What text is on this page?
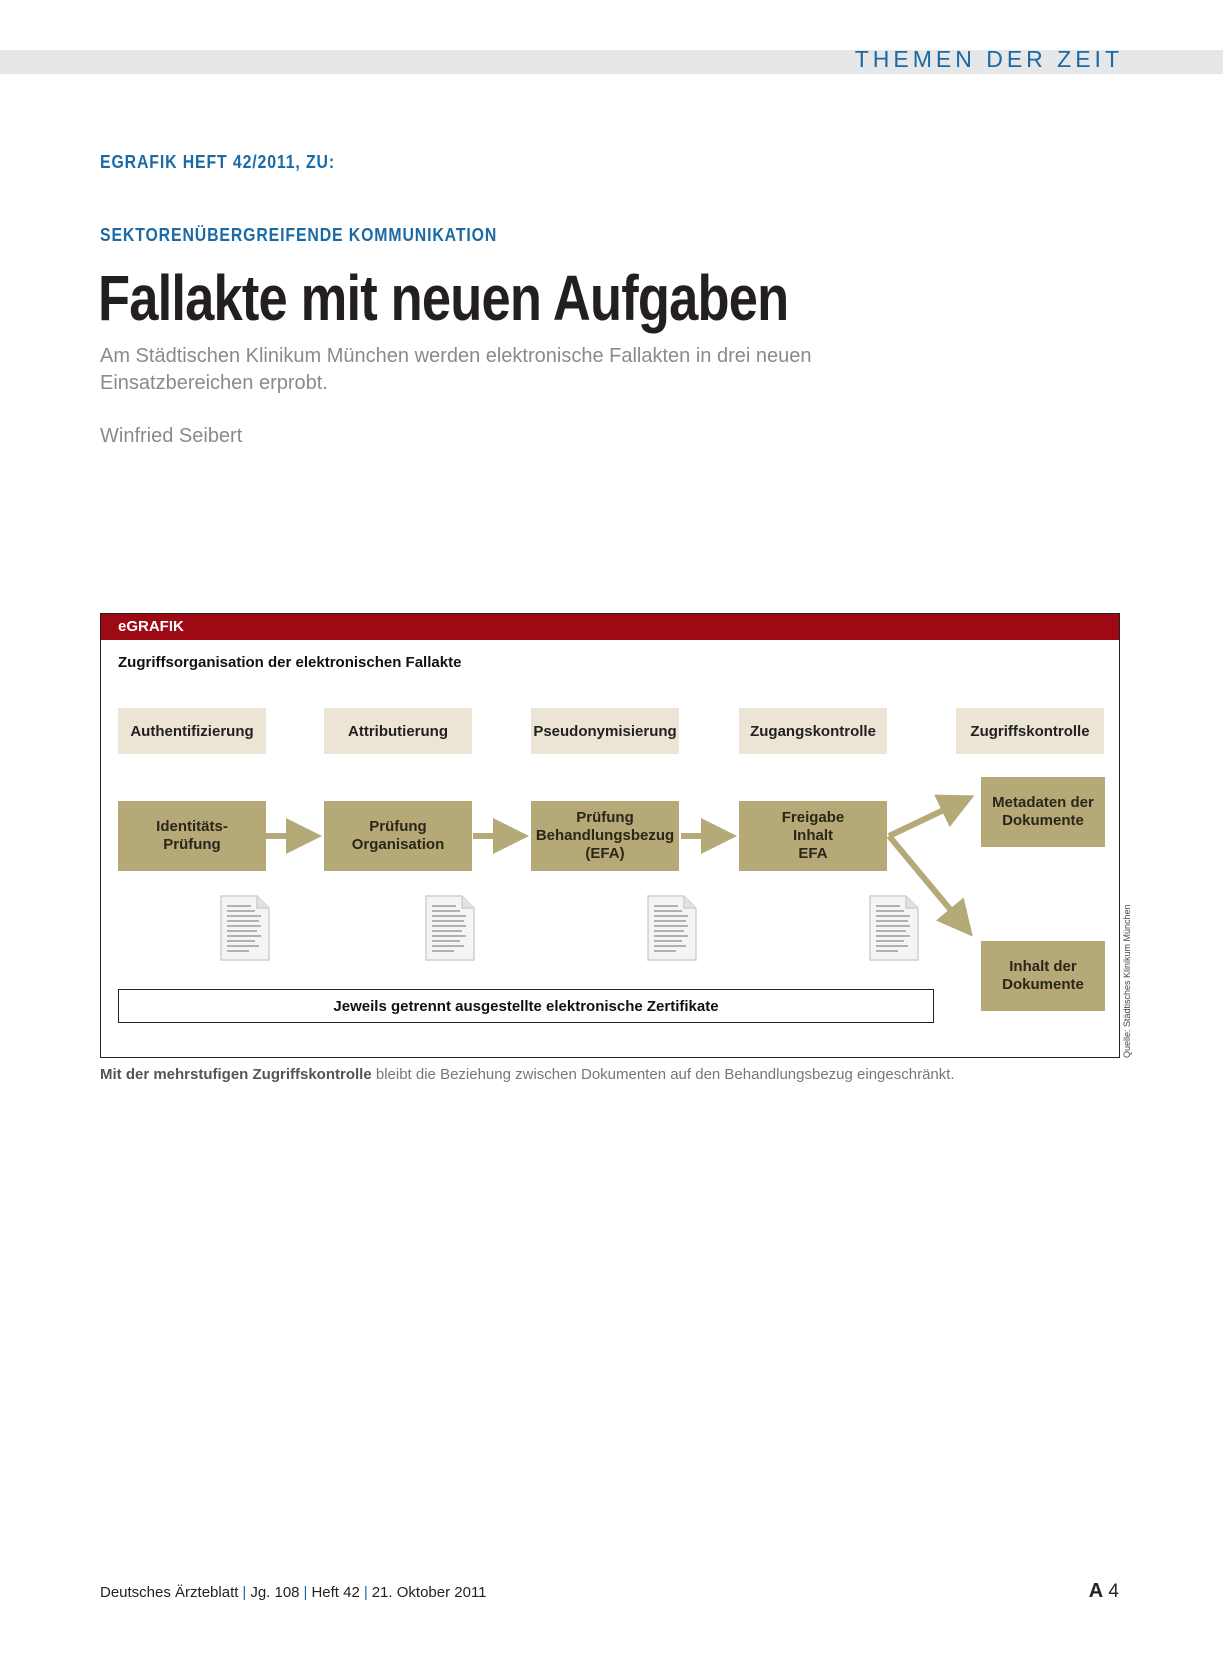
THEMEN DER ZEIT
EGRAFIK HEFT 42/2011, ZU:
SEKTORENÜBERGREIFENDE KOMMUNIKATION
Fallakte mit neuen Aufgaben
Am Städtischen Klinikum München werden elektronische Fallakten in drei neuen Einsatzbereichen erprobt.
Winfried Seibert
eGRAFIK
Zugriffsorganisation der elektronischen Fallakte
Authentifizierung	Attributierung	Pseudonymisierung	Zugangskontrolle	Zugriffskontrolle
Identitäts-
Prüfung
Prüfung
Organisation
Prüfung
Behandlungsbezug
(EFA)
Freigabe
Inhalt
EFA
Metadaten der
Dokumente
Inhalt der
Dokumente
Jeweils getrennt ausgestellte elektronische Zertifikate	Quelle: Städtisches Klinikum München
Mit der mehrstufigen Zugriffskontrolle bleibt die Beziehung zwischen Dokumenten auf den Behandlungsbezug eingeschränkt.
Deutsches Ärzteblatt | Jg. 108 | Heft 42 | 21. Oktober 2011	A 4
